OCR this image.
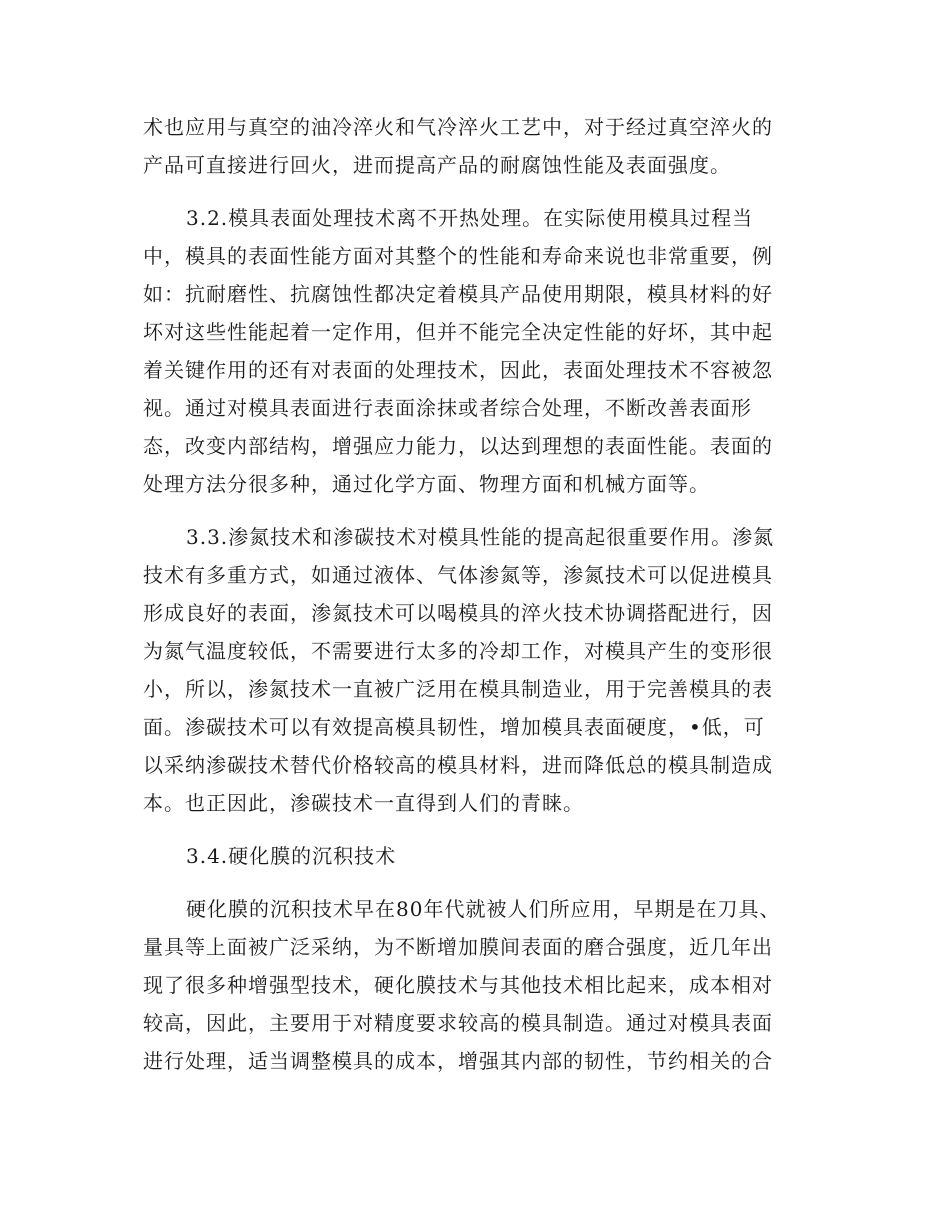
术也应用与真空的油冷淬火和气冷淬火工艺中，对于经过真空淬火的
产品可直接进行回火，进而提高产品的耐腐蚀性能及表面强度。
3.2.模具表面处理技术离不开热处理。在实际使用模具过程当
中，模具的表面性能方面对其整个的性能和寿命来说也非常重要，例
如：抗耐磨性、抗腐蚀性都决定着模具产品使用期限，模具材料的好
坏对这些性能起着一定作用，但并不能完全决定性能的好坏，其中起
着关键作用的还有对表面的处理技术，因此，表面处理技术不容被忽
视。通过对模具表面进行表面涂抹或者综合处理，不断改善表面形
态，改变内部结构，增强应力能力，以达到理想的表面性能。表面的
处理方法分很多种，通过化学方面、物理方面和机械方面等。
3.3.渗氮技术和渗碳技术对模具性能的提高起很重要作用。渗氮
技术有多重方式，如通过液体、气体渗氮等，渗氮技术可以促进模具
形成良好的表面，渗氮技术可以喝模具的淬火技术协调搭配进行，因
为氮气温度较低，不需要进行太多的冷却工作，对模具产生的变形很
小，所以，渗氮技术一直被广泛用在模具制造业，用于完善模具的表
面。渗碳技术可以有效提高模具韧性，增加模具表面硬度，•低，可
以采纳渗碳技术替代价格较高的模具材料，进而降低总的模具制造成
本。也正因此，渗碳技术一直得到人们的青睐。
3.4.硬化膜的沉积技术
硬化膜的沉积技术早在80年代就被人们所应用，早期是在刀具、
量具等上面被广泛采纳，为不断增加膜间表面的磨合强度，近几年出
现了很多种增强型技术，硬化膜技术与其他技术相比起来，成本相对
较高，因此，主要用于对精度要求较高的模具制造。通过对模具表面
进行处理，适当调整模具的成本，增强其内部的韧性，节约相关的合
